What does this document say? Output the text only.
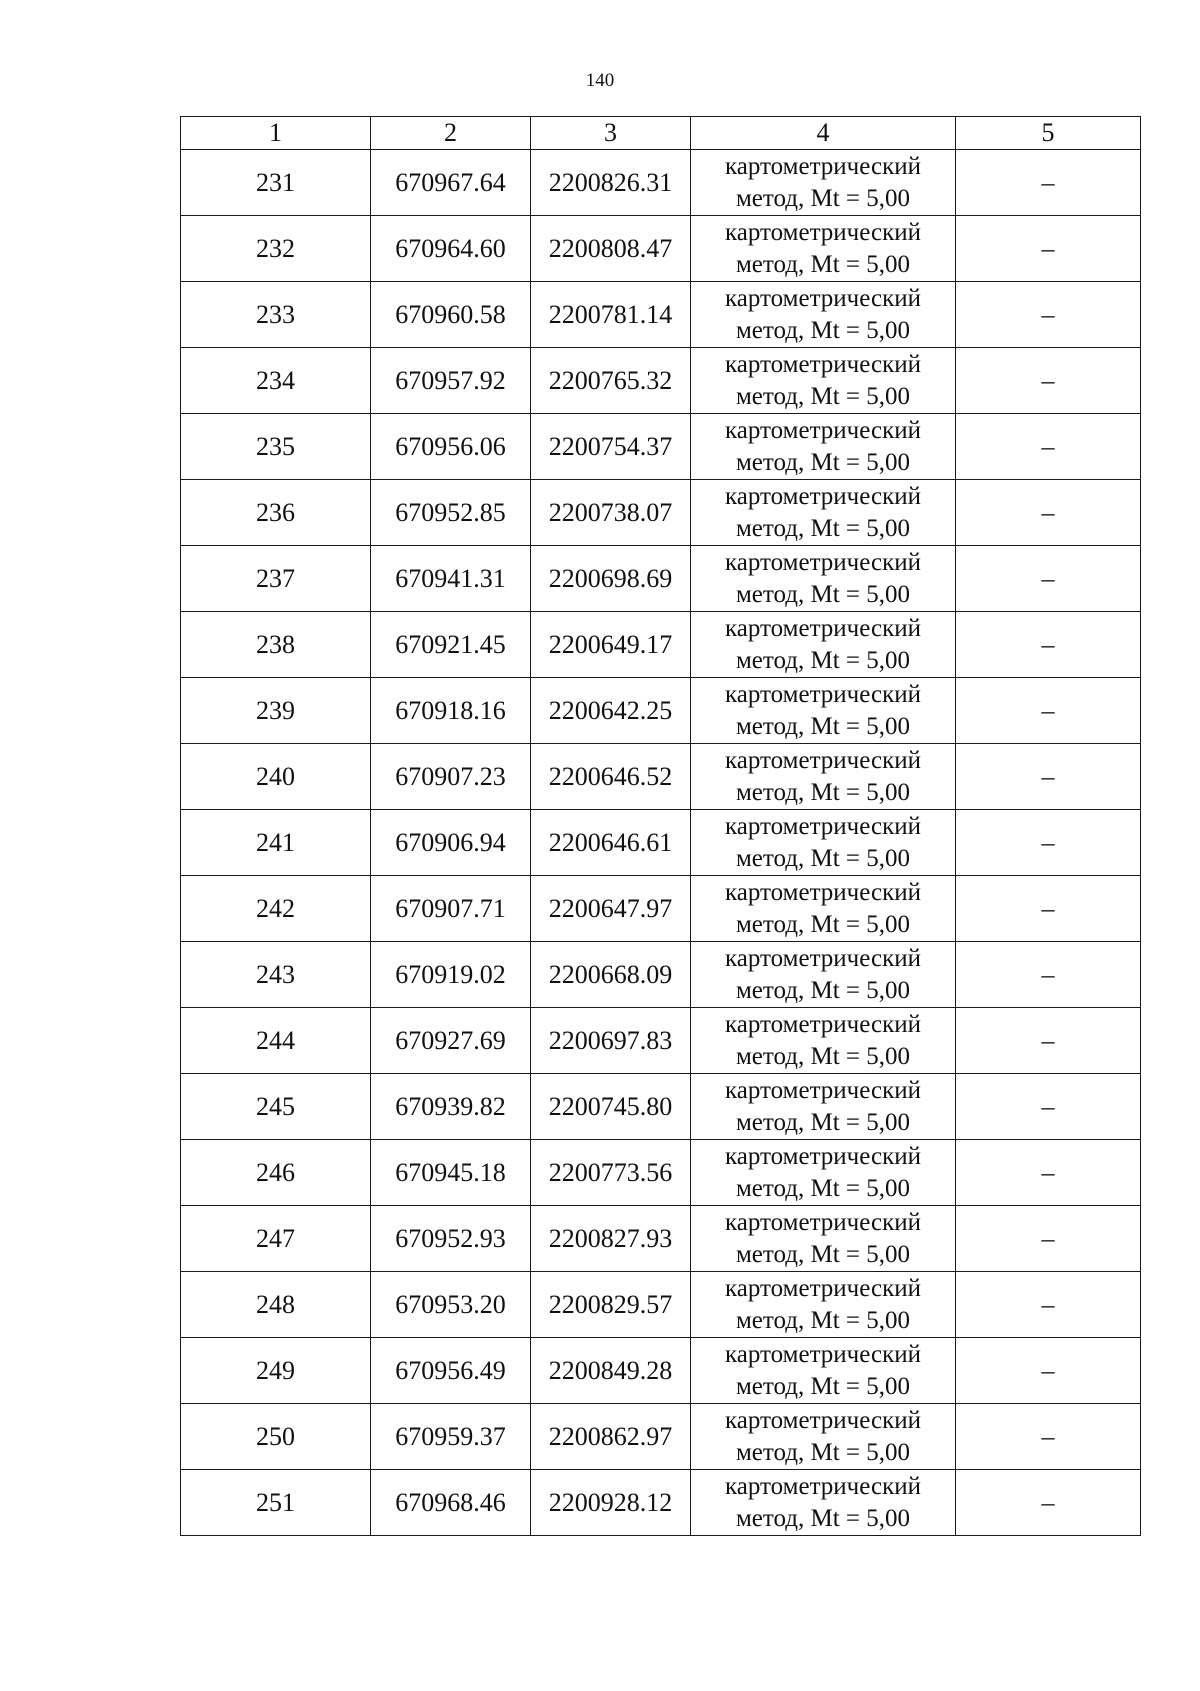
140
1	2	3	4	5
231	670967.64	2200826.31	картометрический
метод, Mt = 5,00	–
232	670964.60	2200808.47	картометрический
метод, Mt = 5,00	–
233	670960.58	2200781.14	картометрический
метод, Mt = 5,00	–
234	670957.92	2200765.32	картометрический
метод, Mt = 5,00	–
235	670956.06	2200754.37	картометрический
метод, Mt = 5,00	–
236	670952.85	2200738.07	картометрический
метод, Mt = 5,00	–
237	670941.31	2200698.69	картометрический
метод, Mt = 5,00	–
238	670921.45	2200649.17	картометрический
метод, Mt = 5,00	–
239	670918.16	2200642.25	картометрический
метод, Mt = 5,00	–
240	670907.23	2200646.52	картометрический
метод, Mt = 5,00	–
241	670906.94	2200646.61	картометрический
метод, Mt = 5,00	–
242	670907.71	2200647.97	картометрический
метод, Mt = 5,00	–
243	670919.02	2200668.09	картометрический
метод, Mt = 5,00	–
244	670927.69	2200697.83	картометрический
метод, Mt = 5,00	–
245	670939.82	2200745.80	картометрический
метод, Mt = 5,00	–
246	670945.18	2200773.56	картометрический
метод, Mt = 5,00	–
247	670952.93	2200827.93	картометрический
метод, Mt = 5,00	–
248	670953.20	2200829.57	картометрический
метод, Mt = 5,00	–
249	670956.49	2200849.28	картометрический
метод, Mt = 5,00	–
250	670959.37	2200862.97	картометрический
метод, Mt = 5,00	–
251	670968.46	2200928.12	картометрический
метод, Mt = 5,00	–
